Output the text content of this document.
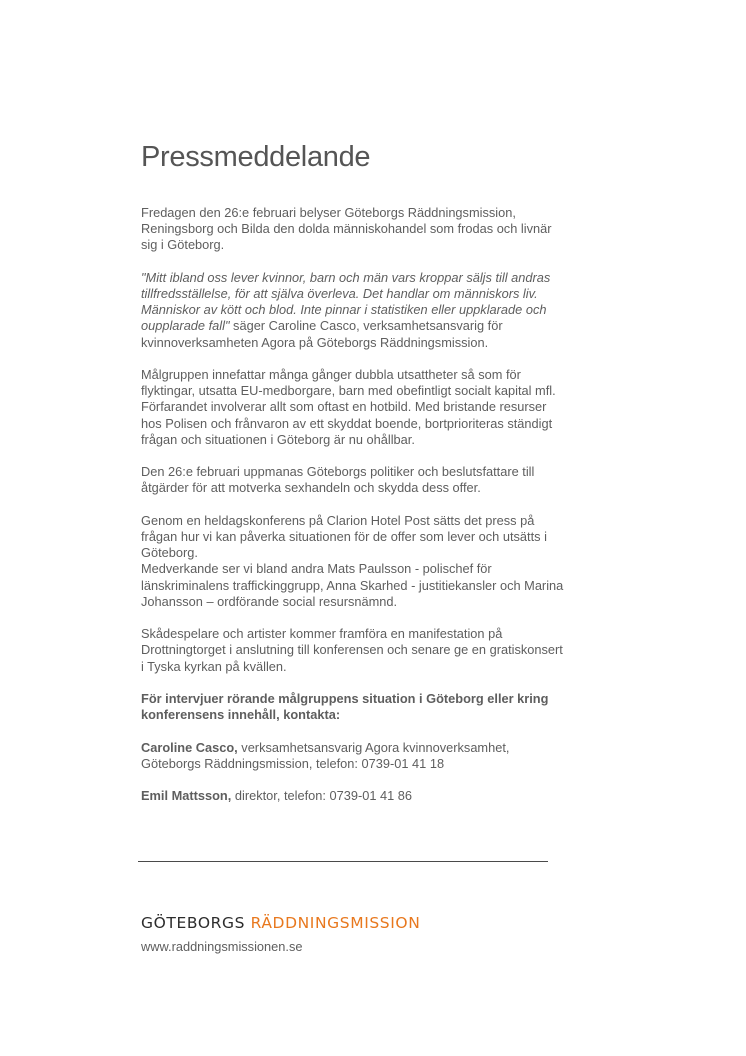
Pressmeddelande

Fredagen den 26:e februari belyser Göteborgs Räddningsmission,
Reningsborg och Bilda den dolda människohandel som frodas och livnär
sig i Göteborg.

"Mitt ibland oss lever kvinnor, barn och män vars kroppar säljs till andras
tillfredsställelse, för att själva överleva. Det handlar om människors liv.
Människor av kött och blod. Inte pinnar i statistiken eller uppklarade och
oupplarade fall" säger Caroline Casco, verksamhetsansvarig för
kvinnoverksamheten Agora på Göteborgs Räddningsmission.

Målgruppen innefattar många gånger dubbla utsattheter så som för
flyktingar, utsatta EU-medborgare, barn med obefintligt socialt kapital mfl.
Förfarandet involverar allt som oftast en hotbild. Med bristande resurser
hos Polisen och frånvaron av ett skyddat boende, bortprioriteras ständigt
frågan och situationen i Göteborg är nu ohållbar.

Den 26:e februari uppmanas Göteborgs politiker och beslutsfattare till
åtgärder för att motverka sexhandeln och skydda dess offer.

Genom en heldagskonferens på Clarion Hotel Post sätts det press på
frågan hur vi kan påverka situationen för de offer som lever och utsätts i
Göteborg.
Medverkande ser vi bland andra Mats Paulsson - polischef för
länskriminalens traffickinggrupp, Anna Skarhed - justitiekansler och Marina
Johansson – ordförande social resursnämnd.

Skådespelare och artister kommer framföra en manifestation på
Drottningtorget i anslutning till konferensen och senare ge en gratiskonsert
i Tyska kyrkan på kvällen.

För intervjuer rörande målgruppens situation i Göteborg eller kring
konferensens innehåll, kontakta:

Caroline Casco, verksamhetsansvarig Agora kvinnoverksamhet,
Göteborgs Räddningsmission, telefon: 0739-01 41 18

Emil Mattsson, direktor, telefon: 0739-01 41 86

GÖTEBORGS RÄDDNINGSMISSION
www.raddningsmissionen.se
